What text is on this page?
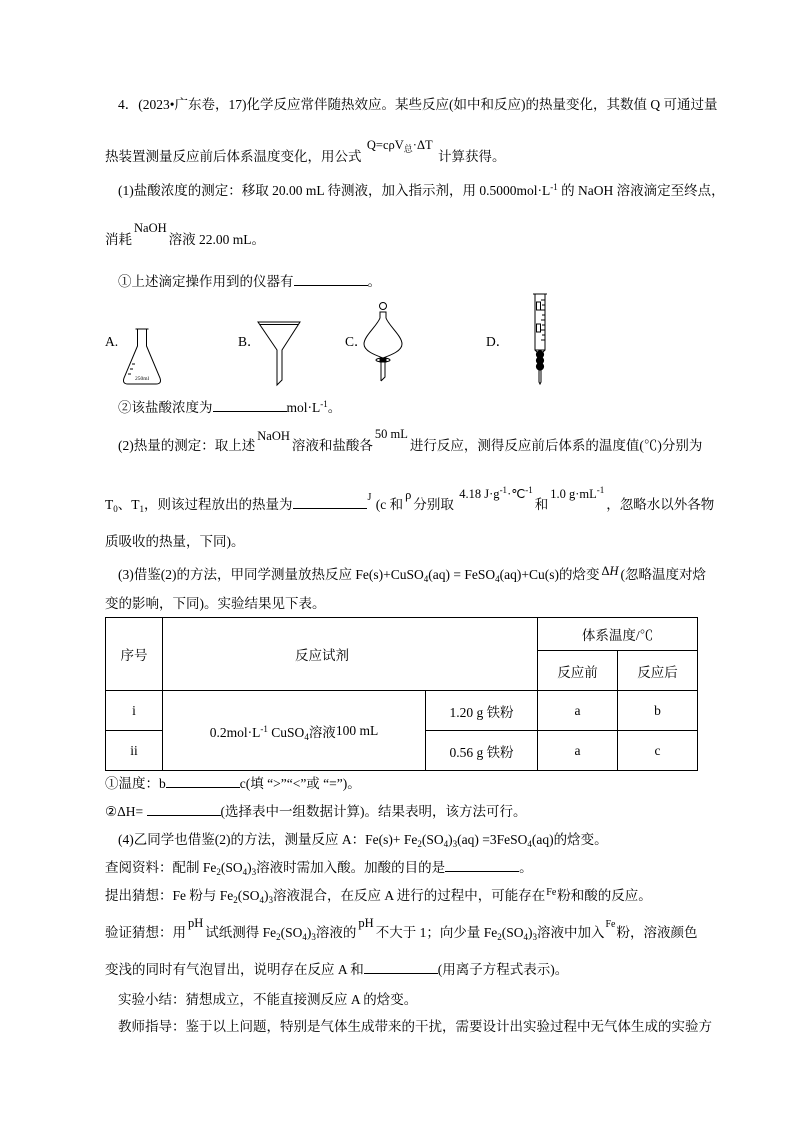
4．(2023•广东卷，17)化学反应常伴随热效应。某些反应(如中和反应)的热量变化，其数值 Q 可通过量
热装置测量反应前后体系温度变化，用公式 Q=cρV$_总$·ΔT 计算获得。
(1)盐酸浓度的测定：移取 20.00 mL 待测液，加入指示剂，用 $0.5000mol\cdot L^{-1}$ 的 NaOH 溶液滴定至终点，
消耗NaOH溶液 22.00 mL。
①上述滴定操作用到的仪器有	。
A.
250ml
B．	C．	D．
②该盐酸浓度为	$mol\cdot L^{-1}$。
(2)热量的测定：取上述NaOH溶液和盐酸各50 mL进行反应，测得反应前后体系的温度值(℃)分别为
$T_0$、$T_1$，则该过程放出的热量为	$^J$ (c 和ρ分别取 4.18 $J\cdot g^{-1}\cdot℃^{-1}$和1.0 $g\cdot mL^{-1}$，忽略水以外各物
质吸收的热量，下同)。
(3)借鉴(2)的方法，甲同学测量放热反应 Fe(s)+CuSO$_4$(aq) = FeSO$_4$(aq)+Cu(s)的焓变 ΔH (忽略温度对焓
变的影响，下同)。实验结果见下表。
序号	反应试剂		体系温度/℃	
			反应前	反应后
i	$0.2mol\cdot L^{-1}$ CuSO$_4$溶液100 mL	1.20 g 铁粉	a	b
ii		0.56 g 铁粉	a	c
①温度：b	c(填 “>”“<”或 “=”)。
②ΔH=	(选择表中一组数据计算)。结果表明，该方法可行。
(4)乙同学也借鉴(2)的方法，测量反应 A：$Fe(s)+ Fe_2(SO_4)_3(aq)$ =3FeSO$_4$(aq)的焓变。
查阅资料：配制 $Fe_2(SO_4)_3$溶液时需加入酸。加酸的目的是	。
提出猜想：Fe 粉与 $Fe_2(SO_4)_3$溶液混合，在反应 A 进行的过程中，可能存在$^{Fe}$粉和酸的反应。
验证猜想：用pH试纸测得 $Fe_2(SO_4)_3$溶液的pH不大于 1；向少量 $Fe_2(SO_4)_3$溶液中加入$^{Fe}$粉，溶液颜色
变浅的同时有气泡冒出，说明存在反应 A 和	(用离子方程式表示)。
实验小结：猜想成立，不能直接测反应 A 的焓变。
教师指导：鉴于以上问题，特别是气体生成带来的干扰，需要设计出实验过程中无气体生成的实验方
